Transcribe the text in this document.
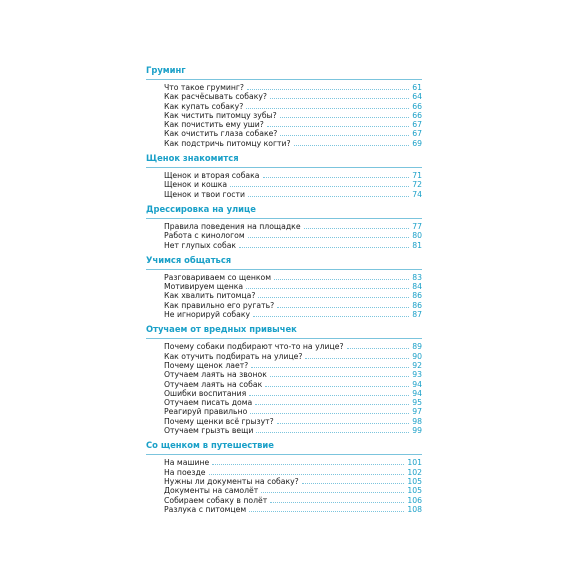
Груминг
Что такое груминг?	61
Как расчёсывать собаку?	64
Как купать собаку?	66
Как чистить питомцу зубы?	66
Как почистить ему уши?	67
Как очистить глаза собаке?	67
Как подстричь питомцу когти?	69
Щенок знакомится
Щенок и вторая собака	71
Щенок и кошка	72
Щенок и твои гости	74
Дрессировка на улице
Правила поведения на площадке	77
Работа с кинологом	80
Нет глупых собак	81
Учимся общаться
Разговариваем со щенком	83
Мотивируем щенка	84
Как хвалить питомца?	86
Как правильно его ругать?	86
Не игнорируй собаку	87
Отучаем от вредных привычек
Почему собаки подбирают что-то на улице?	89
Как отучить подбирать на улице?	90
Почему щенок лает?	92
Отучаем лаять на звонок	93
Отучаем лаять на собак	94
Ошибки воспитания	94
Отучаем писать дома	95
Реагируй правильно	97
Почему щенки всё грызут?	98
Отучаем грызть вещи	99
Со щенком в путешествие
На машине	101
На поезде	102
Нужны ли документы на собаку?	105
Документы на самолёт	105
Собираем собаку в полёт	106
Разлука с питомцем	108
